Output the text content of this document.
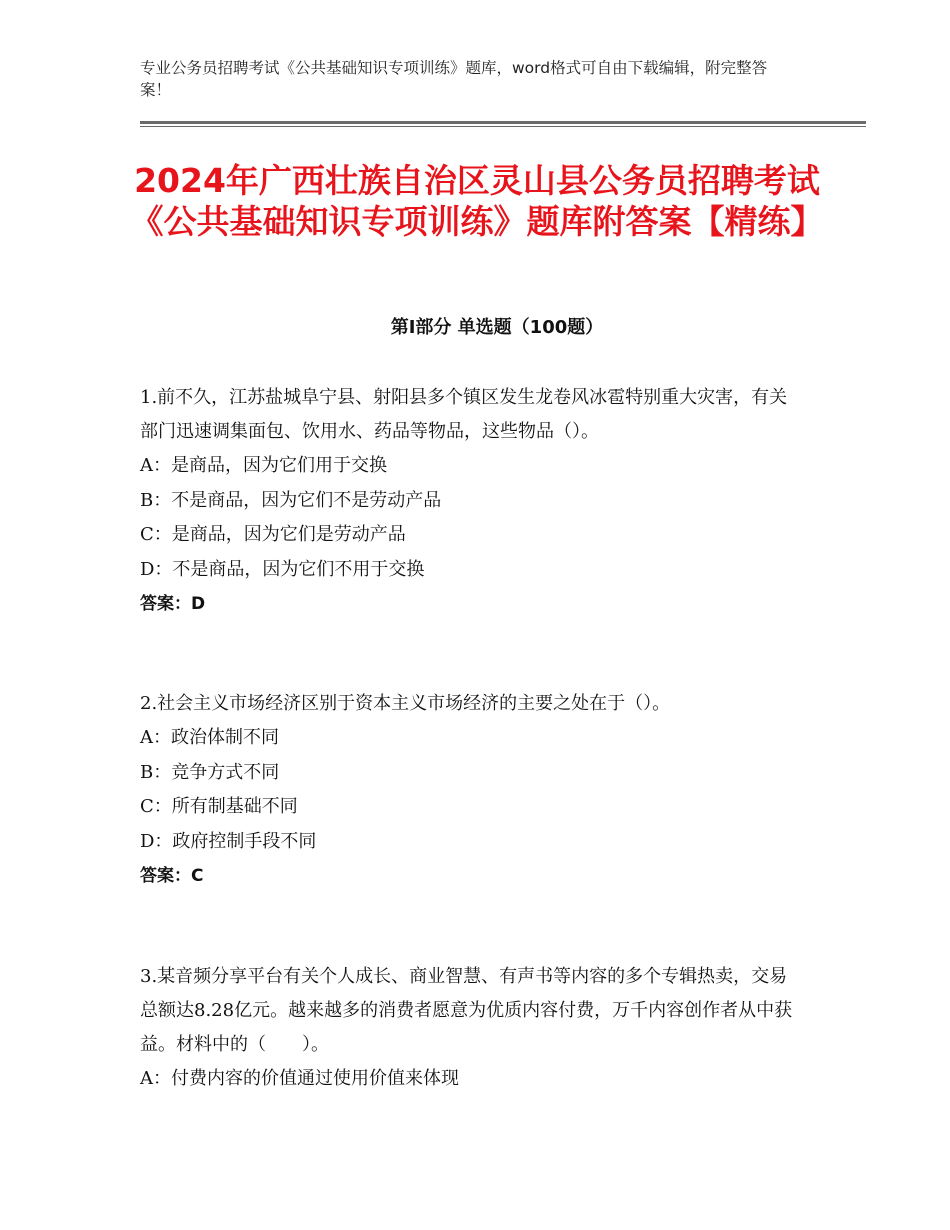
专业公务员招聘考试《公共基础知识专项训练》题库，word格式可自由下载编辑，附完整答案！
2024年广西壮族自治区灵山县公务员招聘考试《公共基础知识专项训练》题库附答案【精练】
第Ⅰ部分 单选题（100题）
1.前不久，江苏盐城阜宁县、射阳县多个镇区发生龙卷风冰雹特别重大灾害，有关部门迅速调集面包、饮用水、药品等物品，这些物品（）。
A：是商品，因为它们用于交换
B：不是商品，因为它们不是劳动产品
C：是商品，因为它们是劳动产品
D：不是商品，因为它们不用于交换
答案：D
2.社会主义市场经济区别于资本主义市场经济的主要之处在于（）。
A：政治体制不同
B：竞争方式不同
C：所有制基础不同
D：政府控制手段不同
答案：C
3.某音频分享平台有关个人成长、商业智慧、有声书等内容的多个专辑热卖，交易总额达8.28亿元。越来越多的消费者愿意为优质内容付费，万千内容创作者从中获益。材料中的（　　）。
A：付费内容的价值通过使用价值来体现
